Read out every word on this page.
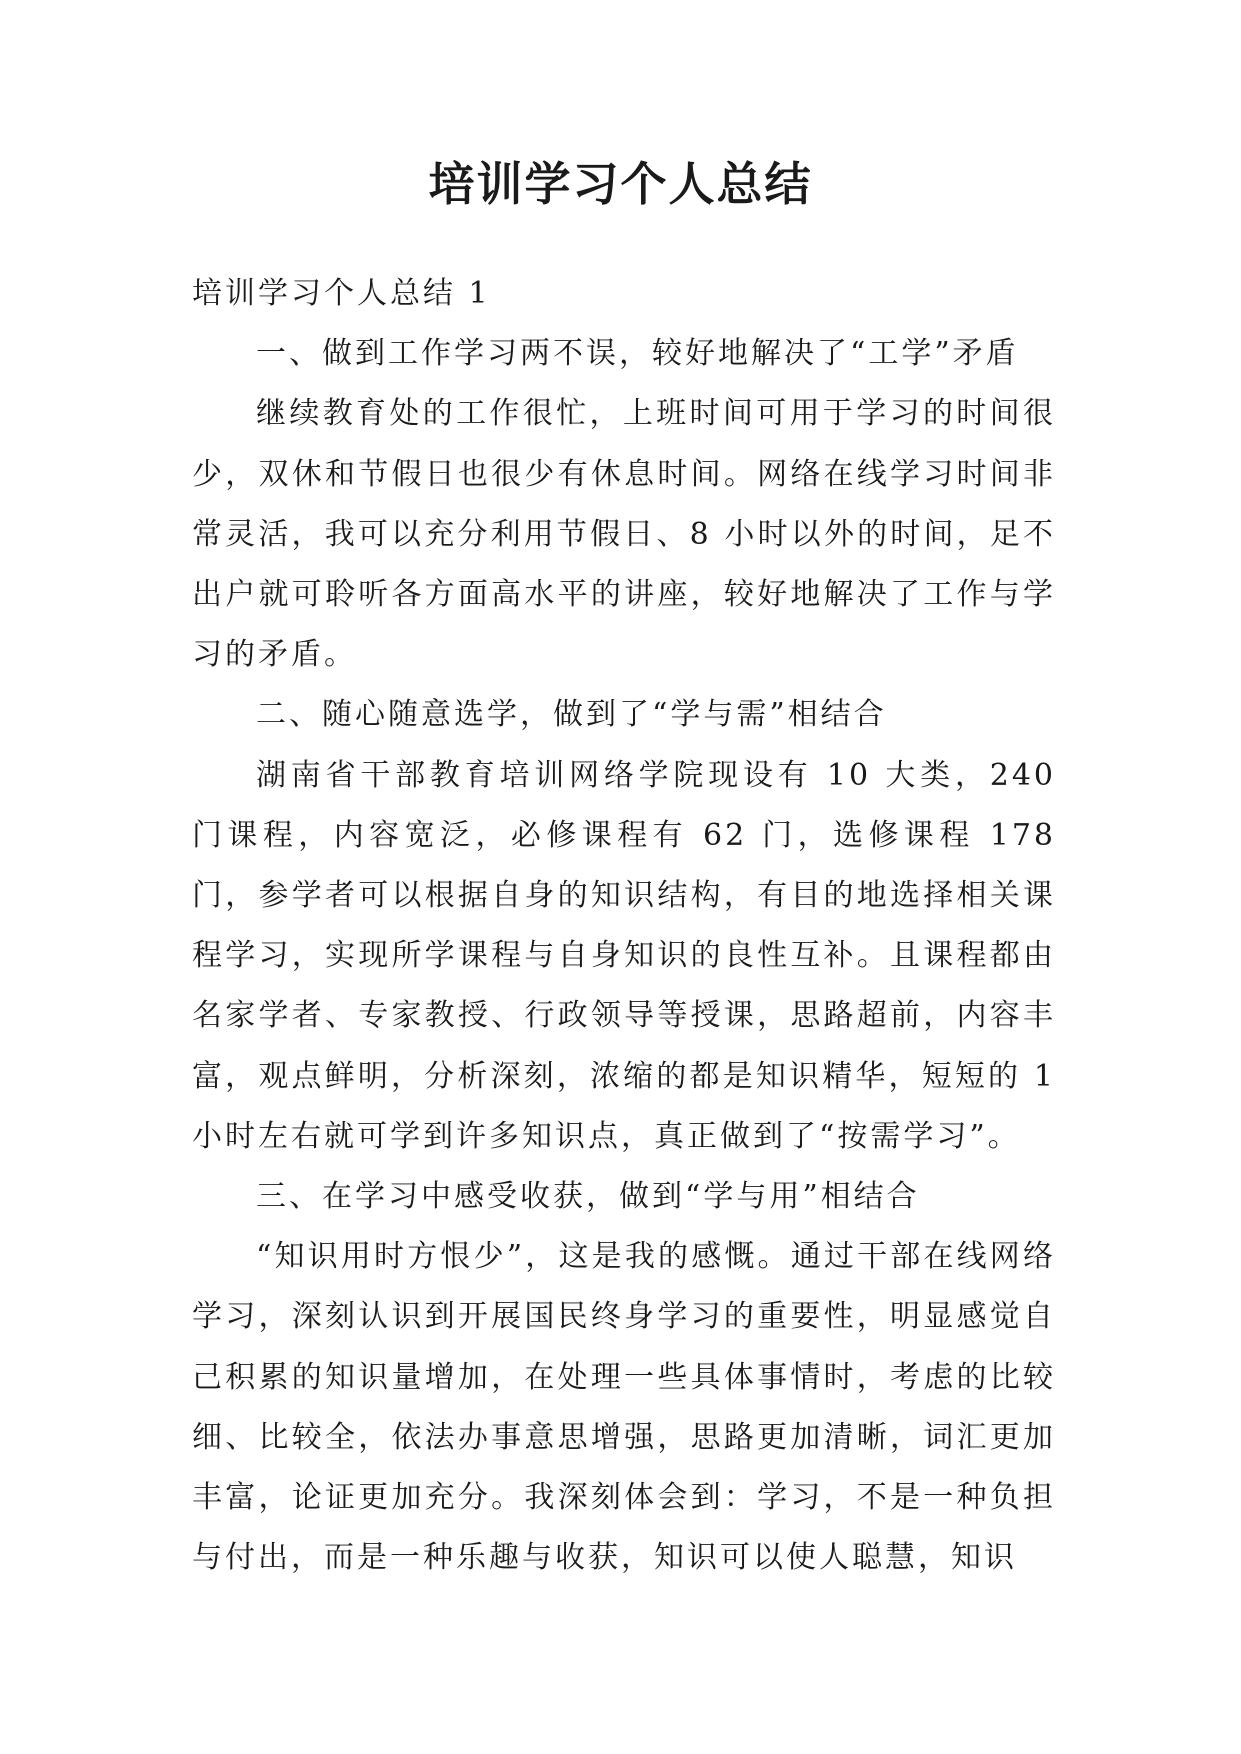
培训学习个人总结

培训学习个人总结 1

一、做到工作学习两不误，较好地解决了“工学”矛盾

继续教育处的工作很忙，上班时间可用于学习的时间很少，双休和节假日也很少有休息时间。网络在线学习时间非常灵活，我可以充分利用节假日、8 小时以外的时间，足不出户就可聆听各方面高水平的讲座，较好地解决了工作与学习的矛盾。

二、随心随意选学，做到了“学与需”相结合

湖南省干部教育培训网络学院现设有 10 大类，240 门课程，内容宽泛，必修课程有 62 门，选修课程 178 门，参学者可以根据自身的知识结构，有目的地选择相关课程学习，实现所学课程与自身知识的良性互补。且课程都由名家学者、专家教授、行政领导等授课，思路超前，内容丰富，观点鲜明，分析深刻，浓缩的都是知识精华，短短的 1 小时左右就可学到许多知识点，真正做到了“按需学习”。

三、在学习中感受收获，做到“学与用”相结合

“知识用时方恨少”，这是我的感慨。通过干部在线网络学习，深刻认识到开展国民终身学习的重要性，明显感觉自己积累的知识量增加，在处理一些具体事情时，考虑的比较细、比较全，依法办事意思增强，思路更加清晰，词汇更加丰富，论证更加充分。我深刻体会到：学习，不是一种负担与付出，而是一种乐趣与收获，知识可以使人聪慧，知识
